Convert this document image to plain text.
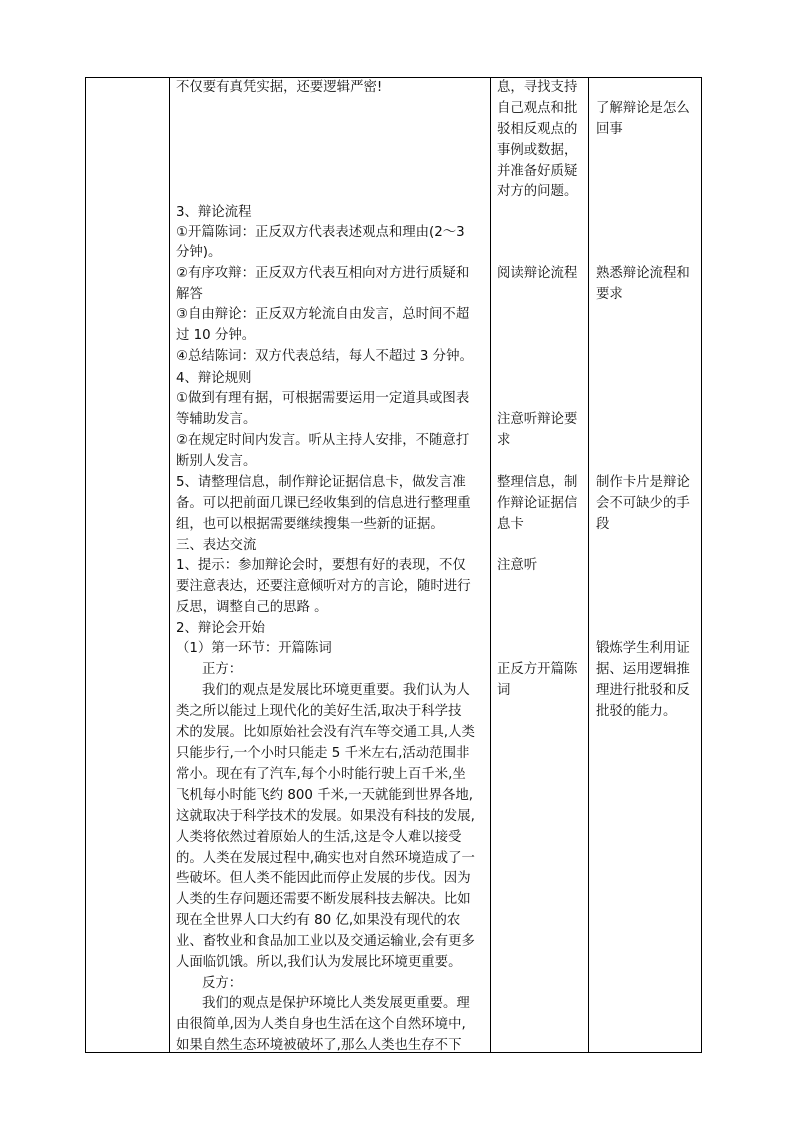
不仅要有真凭实据，还要逻辑严密!
3、辩论流程
①开篇陈词：正反双方代表表述观点和理由(2～3
分钟)。
②有序攻辩：正反双方代表互相向对方进行质疑和
解答
③自由辩论：正反双方轮流自由发言，总时间不超
过 10 分钟。
④总结陈词：双方代表总结，每人不超过 3 分钟。
4、辩论规则
①做到有理有据，可根据需要运用一定道具或图表
等辅助发言。
②在规定时间内发言。听从主持人安排，不随意打
断别人发言。
5、请整理信息，制作辩论证据信息卡，做发言准
备。可以把前面几课已经收集到的信息进行整理重
组，也可以根据需要继续搜集一些新的证据。
三、表达交流
1、提示：参加辩论会时，要想有好的表现，不仅
要注意表达，还要注意倾听对方的言论，随时进行
反思，调整自己的思路 。
2、辩论会开始
（1）第一环节：开篇陈词
正方：
我们的观点是发展比环境更重要。我们认为人
类之所以能过上现代化的美好生活,取决于科学技
术的发展。比如原始社会没有汽车等交通工具,人类
只能步行,一个小时只能走 5 千米左右,活动范围非
常小。现在有了汽车,每个小时能行驶上百千米,坐
飞机每小时能飞约 800 千米,一天就能到世界各地,
这就取决于科学技术的发展。如果没有科技的发展,
人类将依然过着原始人的生活,这是令人难以接受
的。人类在发展过程中,确实也对自然环境造成了一
些破坏。但人类不能因此而停止发展的步伐。因为
人类的生存问题还需要不断发展科技去解决。比如
现在全世界人口大约有 80 亿,如果没有现代的农
业、畜牧业和食品加工业以及交通运输业,会有更多
人面临饥饿。所以,我们认为发展比环境更重要。
反方：
我们的观点是保护环境比人类发展更重要。理
由很简单,因为人类自身也生活在这个自然环境中,
如果自然生态环境被破坏了,那么人类也生存不下
息，寻找支持
自己观点和批
驳相反观点的
事例或数据，
并准备好质疑
对方的问题。
阅读辩论流程
注意听辩论要
求
整理信息，制
作辩论证据信
息卡
注意听
正反方开篇陈
词
了解辩论是怎么
回事
熟悉辩论流程和
要求
制作卡片是辩论
会不可缺少的手
段
锻炼学生利用证
据、运用逻辑推
理进行批驳和反
批驳的能力。
